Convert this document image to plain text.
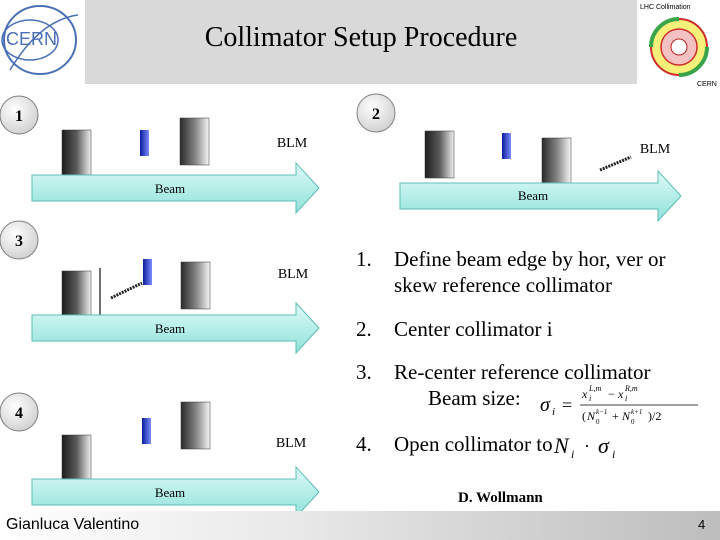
CERN	Collimator Setup Procedure
LHC Collimation
CERN
1
BLM
Beam
2
BLM
Beam
3
BLM
Beam
4
BLM
Beam
1. Define beam edge by hor, ver or
skew reference collimator
2. Center collimator i
3. Re-center reference collimator
Beam size:
4. Open collimator to
σ i =
x i
L,m − x i
R,m
( N 0
k−1 + N 0
k+1 ) /2
N i · σ i
D. Wollmann
Gianluca Valentino	4
